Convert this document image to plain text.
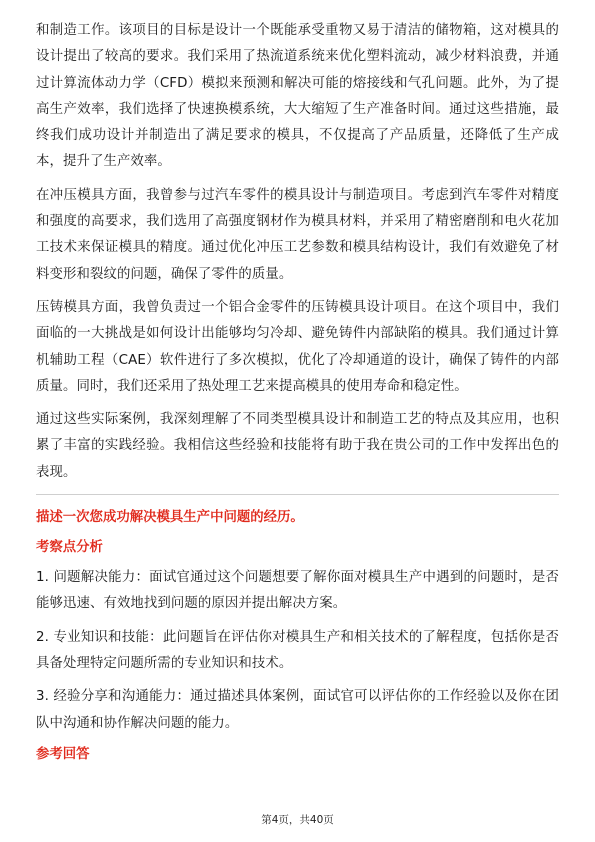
和制造工作。该项目的目标是设计一个既能承受重物又易于清洁的储物箱，这对模具的设计提出了较高的要求。我们采用了热流道系统来优化塑料流动，减少材料浪费，并通过计算流体动力学（CFD）模拟来预测和解决可能的熔接线和气孔问题。此外，为了提高生产效率，我们选择了快速换模系统，大大缩短了生产准备时间。通过这些措施，最终我们成功设计并制造出了满足要求的模具，不仅提高了产品质量，还降低了生产成本，提升了生产效率。

在冲压模具方面，我曾参与过汽车零件的模具设计与制造项目。考虑到汽车零件对精度和强度的高要求，我们选用了高强度钢材作为模具材料，并采用了精密磨削和电火花加工技术来保证模具的精度。通过优化冲压工艺参数和模具结构设计，我们有效避免了材料变形和裂纹的问题，确保了零件的质量。

压铸模具方面，我曾负责过一个铝合金零件的压铸模具设计项目。在这个项目中，我们面临的一大挑战是如何设计出能够均匀冷却、避免铸件内部缺陷的模具。我们通过计算机辅助工程（CAE）软件进行了多次模拟，优化了冷却通道的设计，确保了铸件的内部质量。同时，我们还采用了热处理工艺来提高模具的使用寿命和稳定性。

通过这些实际案例，我深刻理解了不同类型模具设计和制造工艺的特点及其应用，也积累了丰富的实践经验。我相信这些经验和技能将有助于我在贵公司的工作中发挥出色的表现。

描述一次您成功解决模具生产中问题的经历。

考察点分析

1. 问题解决能力：面试官通过这个问题想要了解你面对模具生产中遇到的问题时，是否能够迅速、有效地找到问题的原因并提出解决方案。

2. 专业知识和技能：此问题旨在评估你对模具生产和相关技术的了解程度，包括你是否具备处理特定问题所需的专业知识和技术。

3. 经验分享和沟通能力：通过描述具体案例，面试官可以评估你的工作经验以及你在团队中沟通和协作解决问题的能力。

参考回答

第4页，共40页
